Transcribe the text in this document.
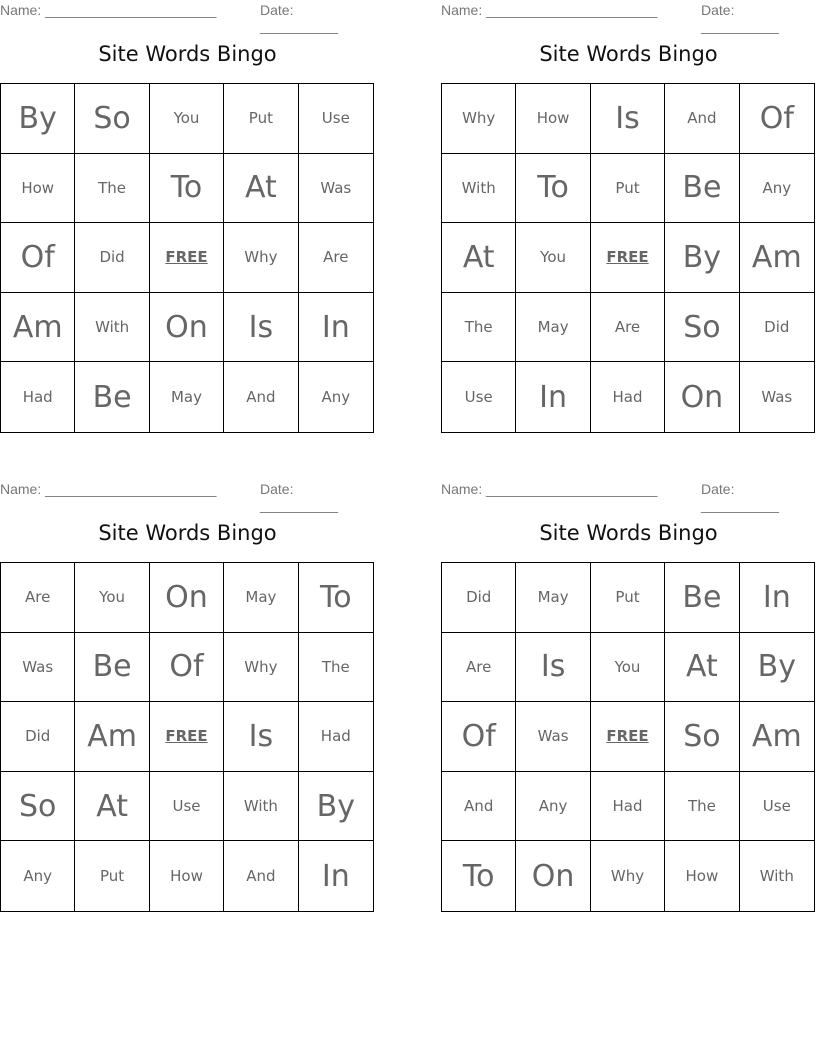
Name: ______________________	Date: __________
Site Words Bingo
By	So	You	Put	Use
How	The	To	At	Was
Of	Did	FREE	Why	Are
Am	With	On	Is	In
Had	Be	May	And	Any
Name: ______________________	Date: __________
Site Words Bingo
Why	How	Is	And	Of
With	To	Put	Be	Any
At	You	FREE	By	Am
The	May	Are	So	Did
Use	In	Had	On	Was
Name: ______________________	Date: __________
Site Words Bingo
Are	You	On	May	To
Was	Be	Of	Why	The
Did	Am	FREE	Is	Had
So	At	Use	With	By
Any	Put	How	And	In
Name: ______________________	Date: __________
Site Words Bingo
Did	May	Put	Be	In
Are	Is	You	At	By
Of	Was	FREE	So	Am
And	Any	Had	The	Use
To	On	Why	How	With
